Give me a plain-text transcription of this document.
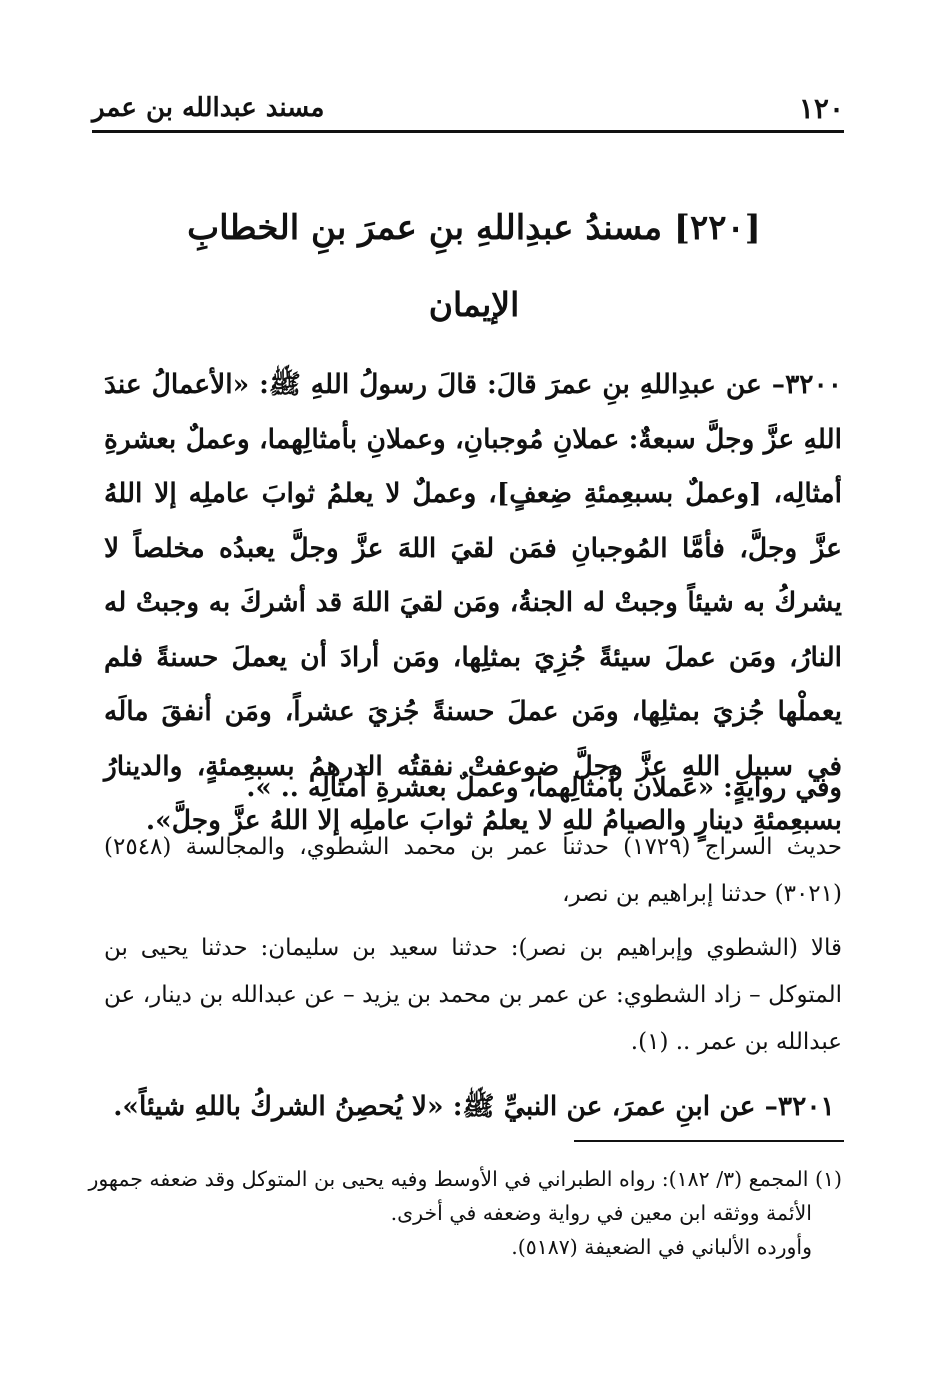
١٢٠
مسند عبدالله بن عمر
[٢٢٠] مسندُ عبدِاللهِ بنِ عمرَ بنِ الخطابِ
الإيمان

٣٢٠٠– عن عبدِاللهِ بنِ عمرَ قالَ: قالَ رسولُ اللهِ ﷺ: «الأعمالُ عندَ اللهِ عزَّ وجلَّ سبعةٌ: عملانِ مُوجبانِ، وعملانِ بأمثالِهما، وعملٌ بعشرةِ أمثالِه، [وعملٌ بسبعِمئةِ ضِعفٍ]، وعملٌ لا يعلمُ ثوابَ عاملِه إلا اللهُ عزَّ وجلَّ، فأمَّا المُوجبانِ فمَن لقيَ اللهَ عزَّ وجلَّ يعبدُه مخلصاً لا يشركُ به شيئاً وجبتْ له الجنةُ، ومَن لقيَ اللهَ قد أشركَ به وجبتْ له النارُ، ومَن عملَ سيئةً جُزِيَ بمثلِها، ومَن أرادَ أن يعملَ حسنةً فلم يعملْها جُزيَ بمثلِها، ومَن عملَ حسنةً جُزيَ عشراً، ومَن أنفقَ مالَه في سبيلِ اللهِ عزَّ وجلَّ ضوعفتْ نفقتُه الدرهمُ بسبعِمئةٍ، والدينارُ بسبعِمئةِ دينارٍ والصيامُ للهِ لا يعلمُ ثوابَ عاملِه إلا اللهُ عزَّ وجلَّ».

وفي روايةٍ: «عَملان بأَمثالِهما، وعملٌ بعشرةِ أَمثالِه .. ».

حديث السراج (١٧٢٩) حدثنا عمر بن محمد الشطوي، والمجالسة (٢٥٤٨) (٣٠٢١) حدثنا إبراهيم بن نصر،

قالا (الشطوي وإبراهيم بن نصر): حدثنا سعيد بن سليمان: حدثنا يحيى بن المتوكل – زاد الشطوي: عن عمر بن محمد بن يزيد – عن عبدالله بن دينار، عن عبدالله بن عمر .. (١).

٣٢٠١– عن ابنِ عمرَ، عن النبيِّ ﷺ: «لا يُحصِنُ الشركُ باللهِ شيئاً».

(١) المجمع (٣/ ١٨٢): رواه الطبراني في الأوسط وفيه يحيى بن المتوكل وقد ضعفه جمهور

الأئمة ووثقه ابن معين في رواية وضعفه في أخرى.

وأورده الألباني في الضعيفة (٥١٨٧).
